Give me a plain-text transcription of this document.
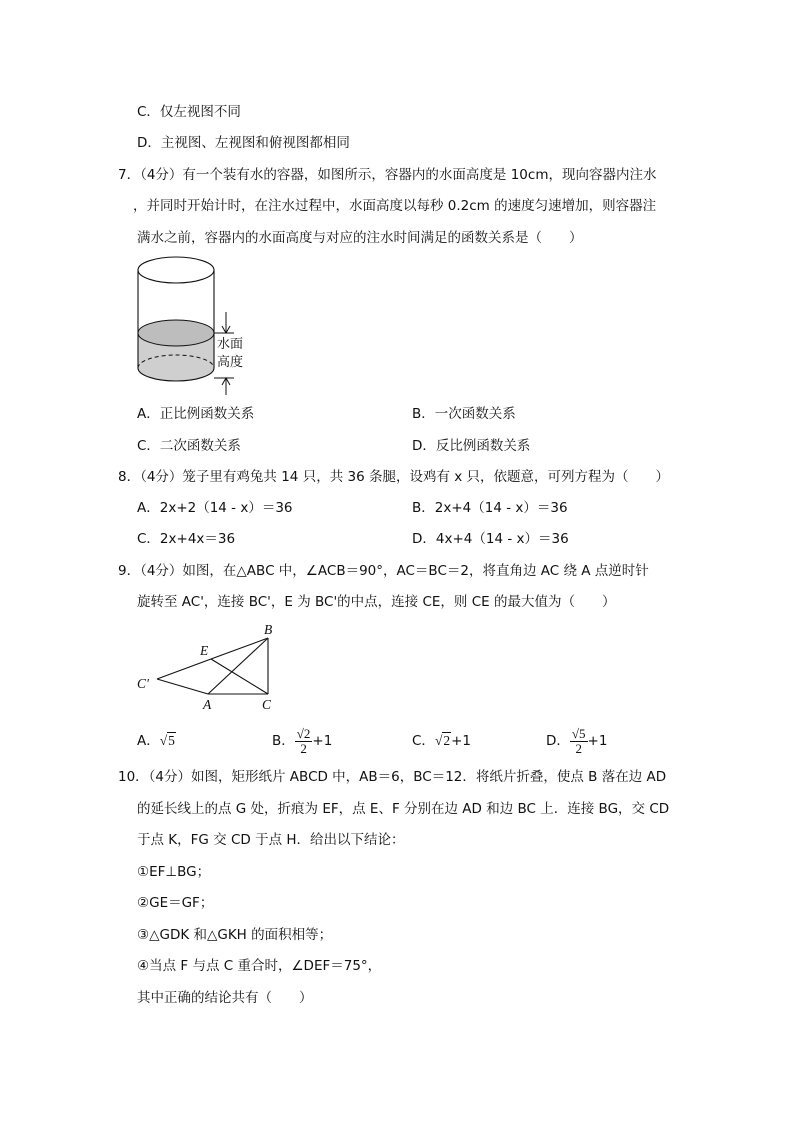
C．仅左视图不同
D．主视图、左视图和俯视图都相同
7．（4分）有一个装有水的容器，如图所示，容器内的水面高度是 10cm，现向容器内注水
，并同时开始计时，在注水过程中，水面高度以每秒 0.2cm 的速度匀速增加，则容器注
满水之前，容器内的水面高度与对应的注水时间满足的函数关系是（　　）
水面
高度
A．正比例函数关系	B．一次函数关系
C．二次函数关系	D．反比例函数关系
8．（4分）笼子里有鸡兔共 14 只，共 36 条腿，设鸡有 x 只，依题意，可列方程为（　　）
A．2x+2（14 - x）＝36	B．2x+4（14 - x）＝36
C．2x+4x＝36	D．4x+4（14 - x）＝36
9．（4分）如图，在△ABC 中，∠ACB＝90°，AC＝BC＝2，将直角边 AC 绕 A 点逆时针
旋转至 AC'，连接 BC'，E 为 BC'的中点，连接 CE，则 CE 的最大值为（　　）
B
E
C'
A	C
A．√5	B． $\frac{√2}{2} +1$	C．√2+1	D． $\frac{√5}{2} +1$
10．（4分）如图，矩形纸片 ABCD 中，AB＝6，BC＝12．将纸片折叠，使点 B 落在边 AD
的延长线上的点 G 处，折痕为 EF，点 E、F 分别在边 AD 和边 BC 上．连接 BG，交 CD
于点 K，FG 交 CD 于点 H．给出以下结论：
①EF⊥BG；
②GE＝GF；
③△GDK 和△GKH 的面积相等；
④当点 F 与点 C 重合时，∠DEF＝75°，
其中正确的结论共有（　　）
